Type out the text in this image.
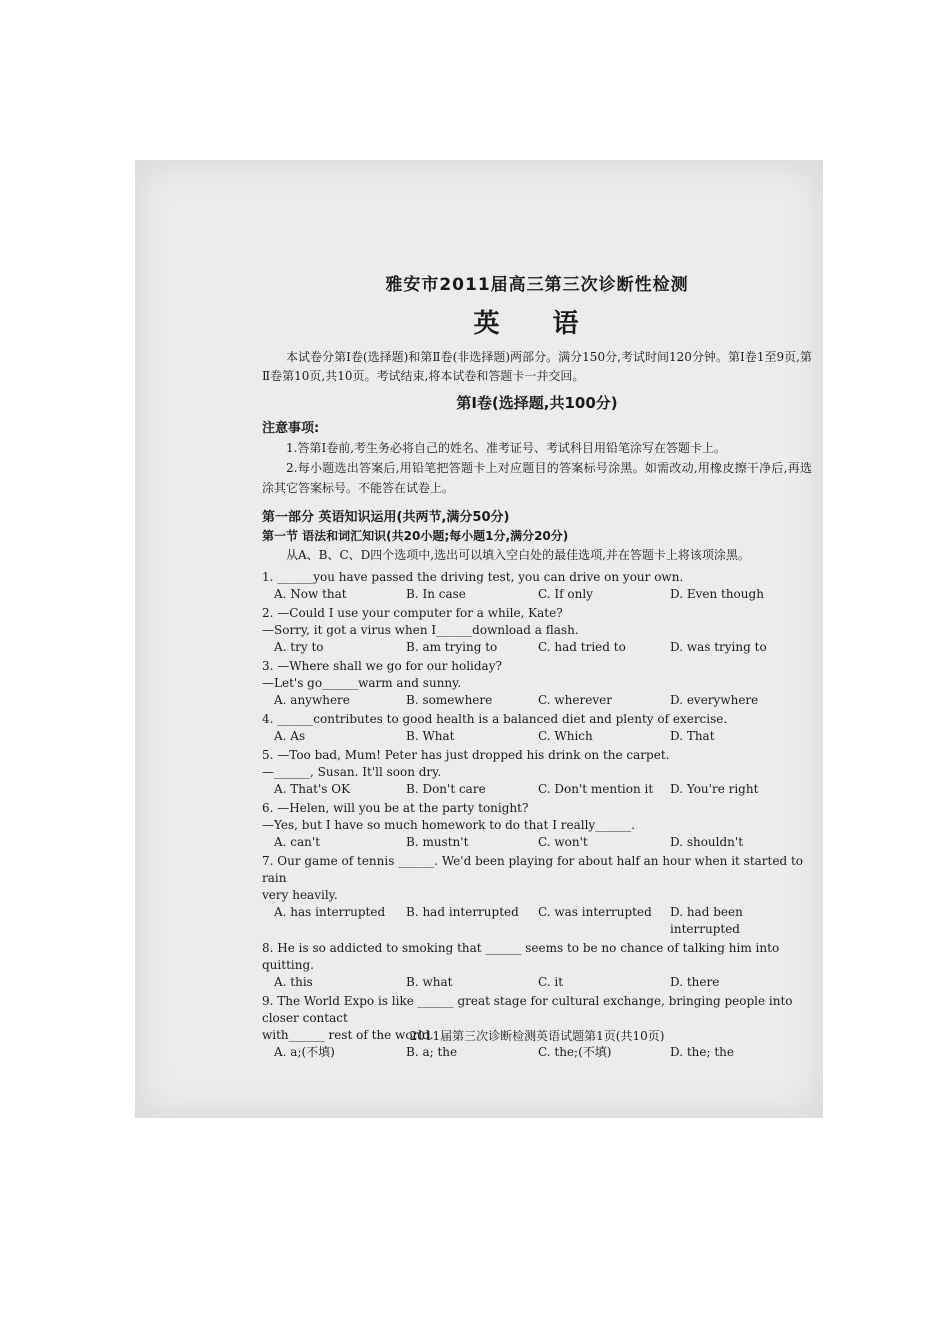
雅安市2011届高三第三次诊断性检测
英 语

本试卷分第Ⅰ卷(选择题)和第Ⅱ卷(非选择题)两部分。满分150分,考试时间120分钟。第Ⅰ卷1至9页,第Ⅱ卷第10页,共10页。考试结束,将本试卷和答题卡一并交回。

第Ⅰ卷(选择题,共100分)
注意事项:

1.答第Ⅰ卷前,考生务必将自己的姓名、准考证号、考试科目用铅笔涂写在答题卡上。

2.每小题选出答案后,用铅笔把答题卡上对应题目的答案标号涂黑。如需改动,用橡皮擦干净后,再选涂其它答案标号。不能答在试卷上。

第一部分 英语知识运用(共两节,满分50分)
第一节 语法和词汇知识(共20小题;每小题1分,满分20分)

从A、B、C、D四个选项中,选出可以填入空白处的最佳选项,并在答题卡上将该项涂黑。

1. ______you have passed the driving test, you can drive on your own.

A. Now that	B. In case	C. If only	D. Even though

2. —Could I use your computer for a while, Kate?

—Sorry, it got a virus when I______download a flash.

A. try to	B. am trying to	C. had tried to	D. was trying to

3. —Where shall we go for our holiday?

—Let's go______warm and sunny.

A. anywhere	B. somewhere	C. wherever	D. everywhere

4. ______contributes to good health is a balanced diet and plenty of exercise.

A. As	B. What	C. Which	D. That

5. —Too bad, Mum! Peter has just dropped his drink on the carpet.

—______, Susan. It'll soon dry.

A. That's OK	B. Don't care	C. Don't mention it	D. You're right

6. —Helen, will you be at the party tonight?

—Yes, but I have so much homework to do that I really______.

A. can't	B. mustn't	C. won't	D. shouldn't

7. Our game of tennis ______. We'd been playing for about half an hour when it started to rain

very heavily.

A. has interrupted	B. had interrupted	C. was interrupted	D. had been interrupted

8. He is so addicted to smoking that ______ seems to be no chance of talking him into quitting.

A. this	B. what	C. it	D. there

9. The World Expo is like ______ great stage for cultural exchange, bringing people into closer contact

with______ rest of the world.

A. a;(不填)	B. a; the	C. the;(不填)	D. the; the
2011届第三次诊断检测英语试题第1页(共10页)
